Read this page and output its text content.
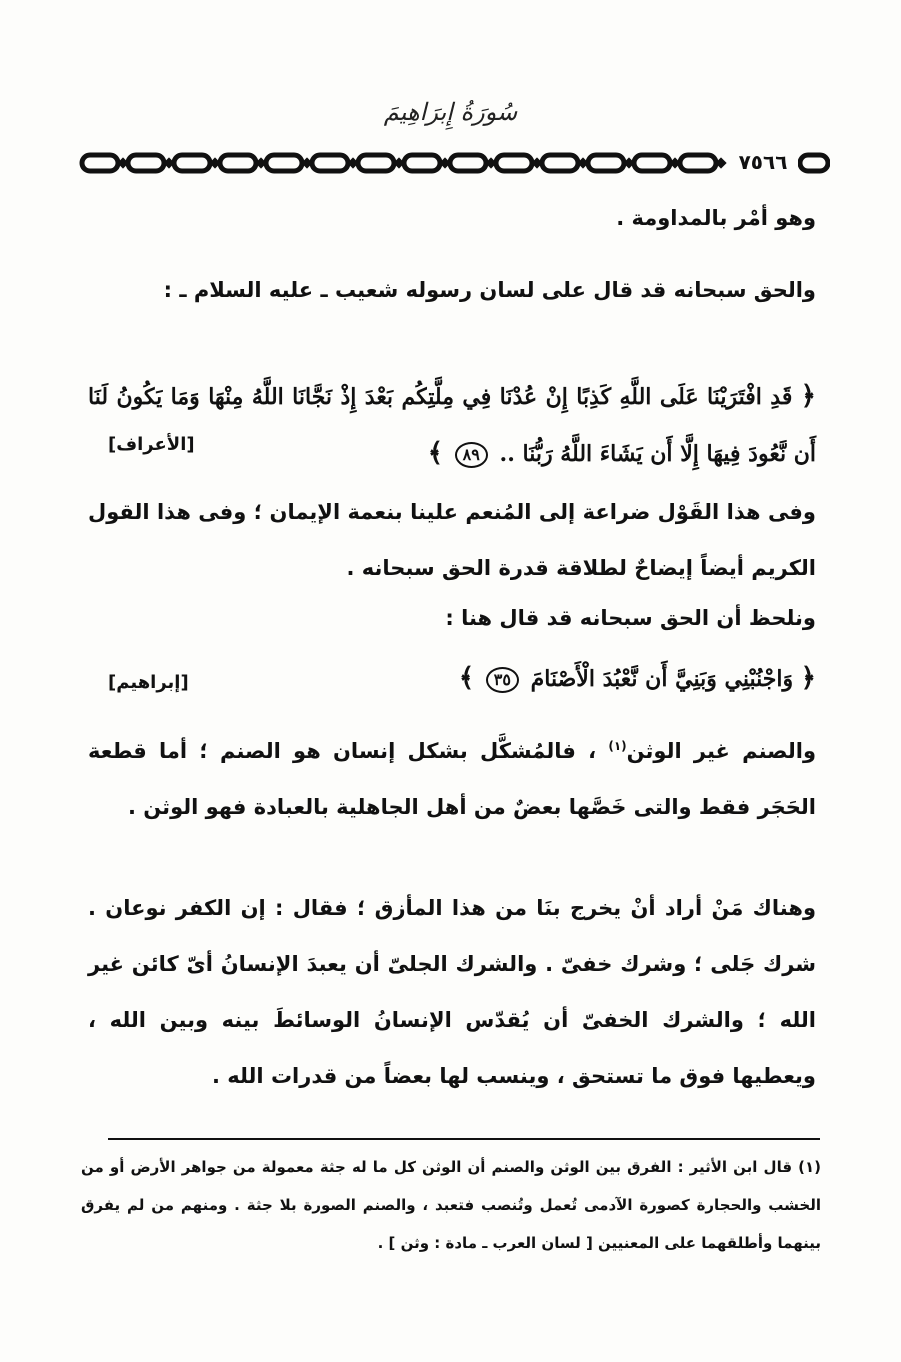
سُورَةُ إِبرَاهِيمَ
٧٥٦٦
وهو أمْر بالمداومة .
والحق سبحانه قد قال على لسان رسوله شعيب ـ عليه السلام ـ :
﴿ قَدِ افْتَرَيْنَا عَلَى اللَّهِ كَذِبًا إِنْ عُدْنَا فِي مِلَّتِكُم بَعْدَ إِذْ نَجَّانَا اللَّهُ مِنْهَا وَمَا يَكُونُ لَنَا أَن نَّعُودَ فِيهَا إِلَّا أَن يَشَاءَ اللَّهُ رَبُّنَا .. ٨٩ ﴾
[الأعراف]
وفى هذا القَوْل ضراعة إلى المُنعم علينا بنعمة الإيمان ؛ وفى هذا القول الكريم أيضاً إيضاحٌ لطلاقة قدرة الحق سبحانه .
ونلحظ أن الحق سبحانه قد قال هنا :
﴿ وَاجْنُبْنِي وَبَنِيَّ أَن نَّعْبُدَ الْأَصْنَامَ ٣٥ ﴾
[إبراهيم]
والصنم غير الوثن$^{(١)}$ ، فالمُشكَّل بشكل إنسان هو الصنم ؛ أما قطعة الحَجَر فقط والتى خَصَّها بعضٌ من أهل الجاهلية بالعبادة فهو الوثن .
وهناك مَنْ أراد أنْ يخرج بنَا من هذا المأزق ؛ فقال : إن الكفر نوعان . شرك جَلى ؛ وشرك خفىّ . والشرك الجلىّ أن يعبدَ الإنسانُ أىّ كائن غير الله ؛ والشرك الخفىّ أن يُقدّس الإنسانُ الوسائطَ بينه وبين الله ، ويعطيها فوق ما تستحق ، وينسب لها بعضاً من قدرات الله .
(١) قال ابن الأثير : الفرق بين الوثن والصنم أن الوثن كل ما له جثة معمولة من جواهر الأرض أو من الخشب والحجارة كصورة الآدمى تُعمل وتُنصب فتعبد ، والصنم الصورة بلا جثة . ومنهم من لم يفرق بينهما وأطلقهما على المعنيين [ لسان العرب ـ مادة : وثن ] .
